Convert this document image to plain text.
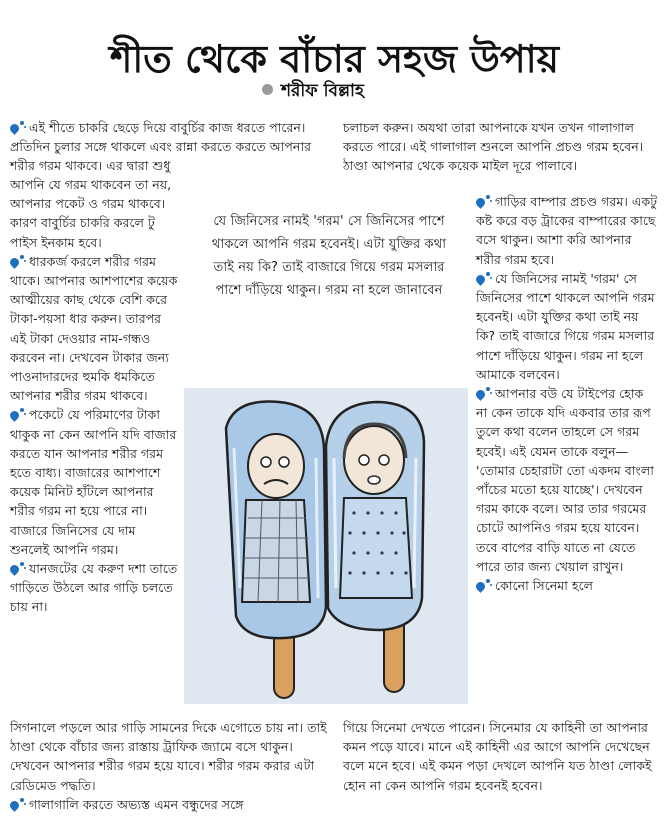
শীত থেকে বাঁচার সহজ উপায়
শরীফ বিল্লাহ

এই শীতে চাকরি ছেড়ে দিয়ে বাবুর্চির কাজ ধরতে পারেন। প্রতিদিন চুলার সঙ্গে থাকলে এবং রান্না করতে করতে আপনার শরীর গরম থাকবে। এর দ্বারা শুধু

চলাচল করুন। অযথা তারা আপনাকে যখন তখন গালাগাল করতে পারে। এই গালাগাল শুনলে আপনি প্রচণ্ড গরম হবেন। ঠাণ্ডা আপনার থেকে কয়েক মাইল দূরে পালাবে।

আপনি যে গরম থাকবেন তা নয়, আপনার পকেট ও গরম থাকবে। কারণ বাবুর্চির চাকরি করলে টু পাইস ইনকাম হবে।

ধারকর্জ করলে শরীর গরম থাকে। আপনার আশপাশের কয়েক আত্মীয়ের কাছ থেকে বেশি করে টাকা-পয়সা ধার করুন। তারপর এই টাকা দেওয়ার নাম-গন্ধও করবেন না। দেখবেন টাকার জন্য পাওনাদারদের হুমকি ধমকিতে আপনার শরীর গরম থাকবে।

পকেটে যে পরিমাণের টাকা থাকুক না কেন আপনি যদি বাজার করতে যান আপনার শরীর গরম হতে বাধ্য। বাজারের আশপাশে কয়েক মিনিট হাঁটলে আপনার শরীর গরম না হয়ে পারে না। বাজারে জিনিসের যে দাম শুনলেই আপনি গরম।

যানজটের যে করুণ দশা তাতে গাড়িতে উঠলে আর গাড়ি চলতে চায় না।

গাড়ির বাম্পার প্রচণ্ড গরম। একটু কষ্ট করে বড় ট্রাকের বাম্পারের কাছে বসে থাকুন। আশা করি আপনার শরীর গরম হবে।

যে জিনিসের নামই 'গরম' সে জিনিসের পাশে থাকলে আপনি গরম হবেনই। এটা যুক্তির কথা তাই নয় কি? তাই বাজারে গিয়ে গরম মসলার পাশে দাঁড়িয়ে থাকুন। গরম না হলে আমাকে বলবেন।

আপনার বউ যে টাইপের হোক না কেন তাকে যদি একবার তার রূপ তুলে কথা বলেন তাহলে সে গরম হবেই। এই যেমন তাকে বলুন— 'তোমার চেহারাটা তো একদম বাংলা পাঁচের মতো হয়ে যাচ্ছে'। দেখবেন গরম কাকে বলে। আর তার গরমের চোটে আপনিও গরম হয়ে যাবেন। তবে বাপের বাড়ি যাতে না যেতে পারে তার জন্য খেয়াল রাখুন।

কোনো সিনেমা হলে

যে জিনিসের নামই 'গরম' সে জিনিসের পাশে থাকলে আপনি গরম হবেনই। এটা যুক্তির কথা তাই নয় কি? তাই বাজারে গিয়ে গরম মসলার পাশে দাঁড়িয়ে থাকুন। গরম না হলে জানাবেন

সিগনালে পড়লে আর গাড়ি সামনের দিকে এগোতে চায় না। তাই ঠাণ্ডা থেকে বাঁচার জন্য রাস্তায় ট্রাফিক জ্যামে বসে থাকুন। দেখবেন আপনার শরীর গরম হয়ে যাবে। শরীর গরম করার এটা রেডিমেড পদ্ধতি।

গালাগালি করতে অভ্যস্ত এমন বন্ধুদের সঙ্গে

গিয়ে সিনেমা দেখতে পারেন। সিনেমার যে কাহিনী তা আপনার কমন পড়ে যাবে। মানে এই কাহিনী এর আগে আপনি দেখেছেন বলে মনে হবে। এই কমন পড়া দেখলে আপনি যত ঠাণ্ডা লোকই হোন না কেন আপনি গরম হবেনই হবেন।
